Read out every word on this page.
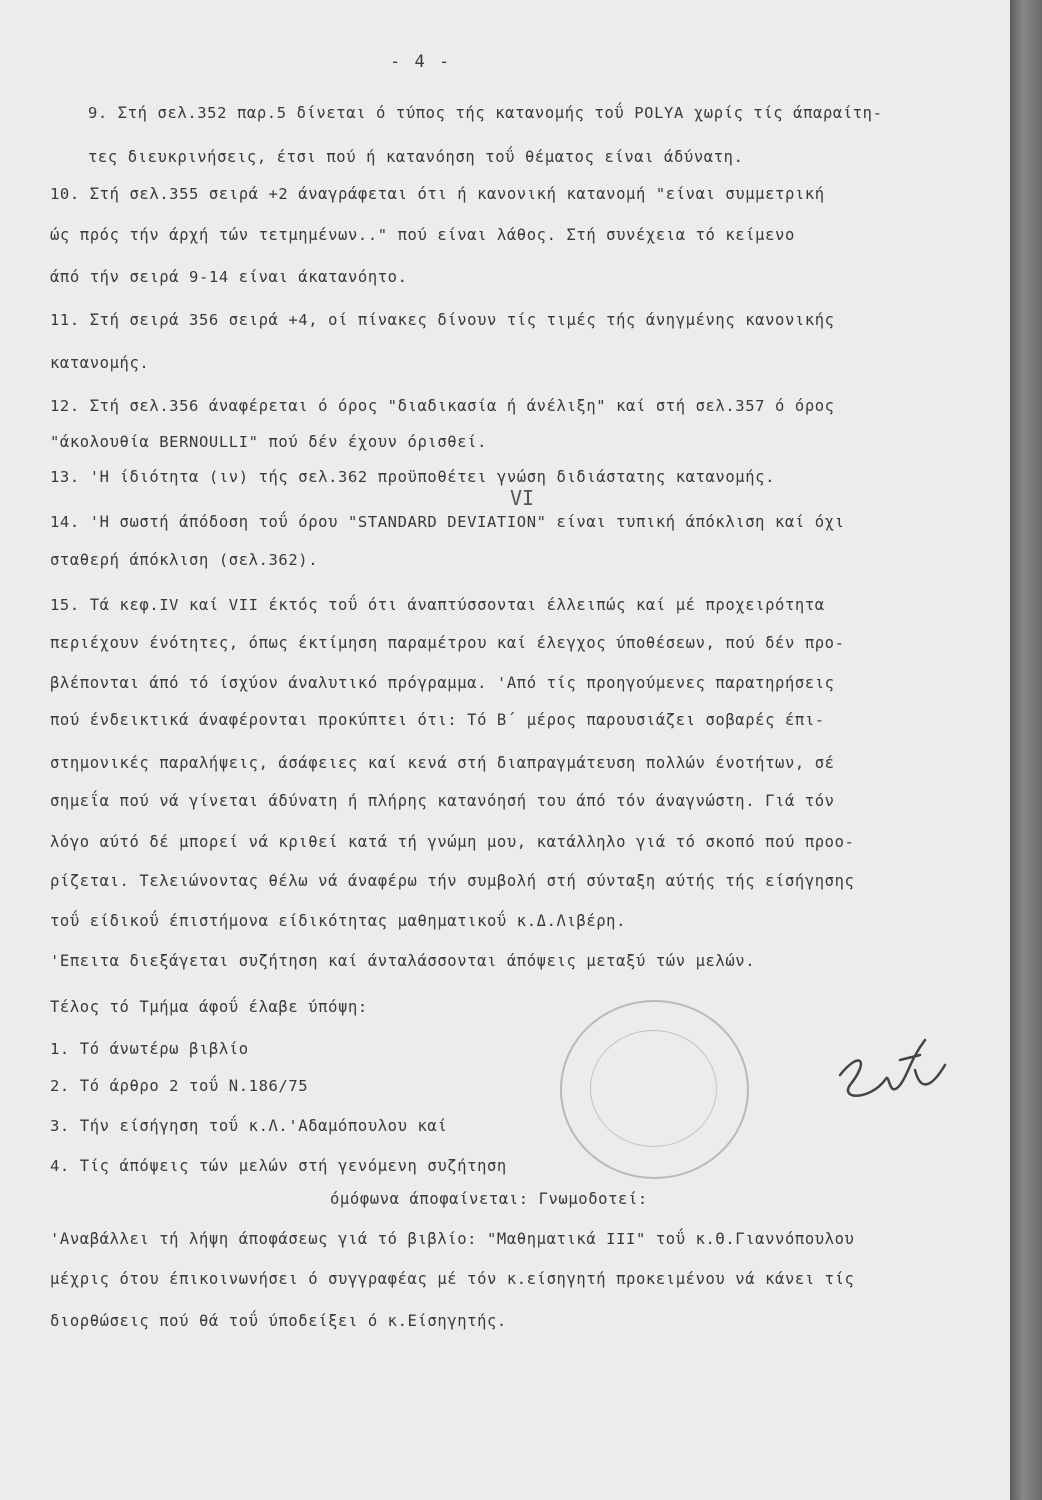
- 4 -
9. Στή σελ.352 παρ.5 δίνεται ό τύπος τής κατανομής τοΰ POLYA χωρίς τίς άπαραίτη-
τες διευκρινήσεις, έτσι πού ή κατανόηση τοΰ θέματος είναι άδύνατη.
10. Στή σελ.355 σειρά +2 άναγράφεται ότι ή κανονική κατανομή "είναι συμμετρική
ώς πρός τήν άρχή τών τετμημένων.." πού είναι λάθος. Στή συνέχεια τό κείμενο
άπό τήν σειρά 9-14 είναι άκατανόητο.
11. Στή σειρά 356 σειρά +4, οί πίνακες δίνουν τίς τιμές τής άνηγμένης κανονικής
κατανομής.
12. Στή σελ.356 άναφέρεται ό όρος "διαδικασία ή άνέλιξη" καί στή σελ.357 ό όρος
"άκολουθία BERNOULLI" πού δέν έχουν όρισθεί.
13. 'Η ίδιότητα (ιν) τής σελ.362 προϋποθέτει γνώση διδιάστατης κατανομής.
14. 'Η σωστή άπόδοση τοΰ όρου "STANDARD DEVIATION" είναι τυπική άπόκλιση καί όχι
σταθερή άπόκλιση (σελ.362).
15. Τά κεφ.IV καί VII έκτός τοΰ ότι άναπτύσσονται έλλειπώς καί μέ προχειρότητα
περιέχουν ένότητες, όπως έκτίμηση παραμέτρου καί έλεγχος ύποθέσεων, πού δέν προ-
βλέπονται άπό τό ίσχύον άναλυτικό πρόγραμμα. 'Από τίς προηγούμενες παρατηρήσεις
πού ένδεικτικά άναφέρονται προκύπτει ότι: Τό Β΄ μέρος παρουσιάζει σοβαρές έπι-
στημονικές παραλήψεις, άσάφειες καί κενά στή διαπραγμάτευση πολλών ένοτήτων, σέ
σημεΐα πού νά γίνεται άδύνατη ή πλήρης κατανόησή του άπό τόν άναγνώστη. Γιά τόν
λόγο αύτό δέ μπορεί νά κριθεί κατά τή γνώμη μου, κατάλληλο γιά τό σκοπό πού προο-
ρίζεται. Τελειώνοντας θέλω νά άναφέρω τήν συμβολή στή σύνταξη αύτής τής είσήγησης
τοΰ είδικοΰ έπιστήμονα είδικότητας μαθηματικοΰ κ.Δ.Λιβέρη.
'Επειτα διεξάγεται συζήτηση καί άνταλάσσονται άπόψεις μεταξύ τών μελών.
Τέλος τό Τμήμα άφοΰ έλαβε ύπόψη:
1. Τό άνωτέρω βιβλίο
2. Τό άρθρο 2 τοΰ Ν.186/75
3. Τήν είσήγηση τοΰ κ.Λ.'Αδαμόπουλου καί
4. Τίς άπόψεις τών μελών στή γενόμενη συζήτηση
όμόφωνα άποφαίνεται: Γνωμοδοτεί:
'Αναβάλλει τή λήψη άποφάσεως γιά τό βιβλίο: "Μαθηματικά III" τοΰ κ.Θ.Γιαννόπουλου
μέχρις ότου έπικοινωνήσει ό συγγραφέας μέ τόν κ.είσηγητή προκειμένου νά κάνει τίς
διορθώσεις πού θά τοΰ ύποδείξει ό κ.Είσηγητής.
VI
